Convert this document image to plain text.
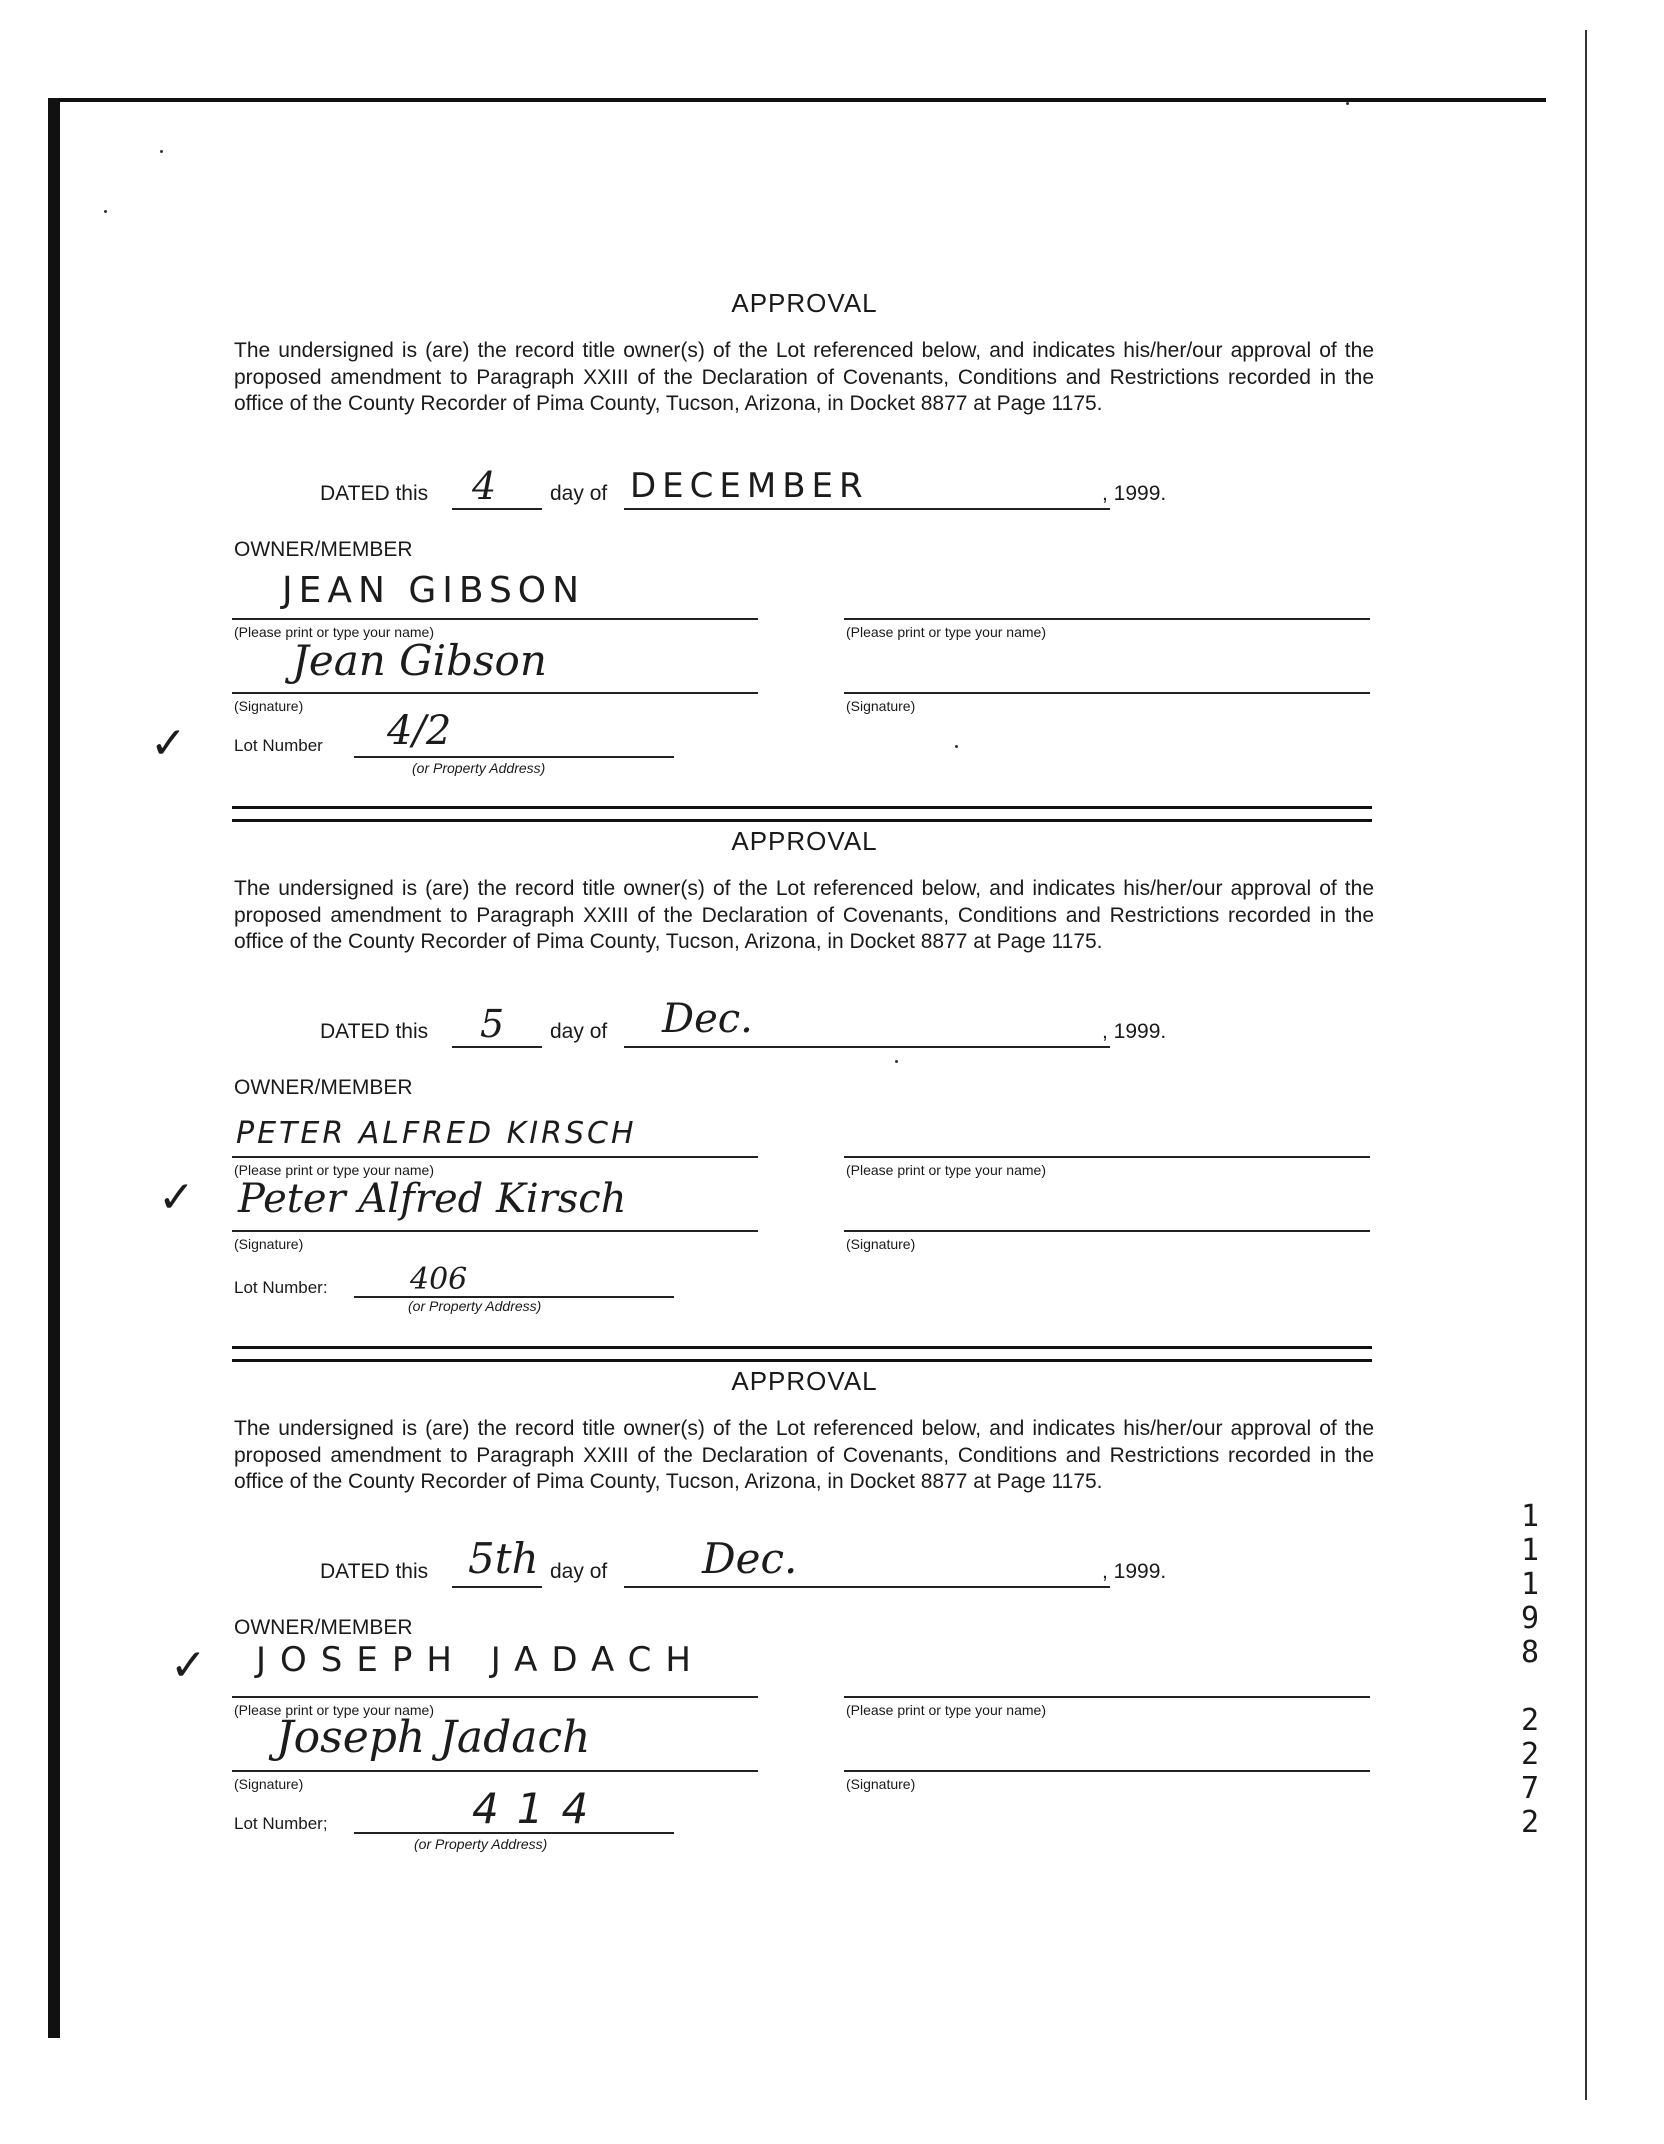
APPROVAL

The undersigned is (are) the record title owner(s) of the Lot referenced below, and indicates his/her/our approval of the proposed amendment to Paragraph XXIII of the Declaration of Covenants, Conditions and Restrictions recorded in the office of the County Recorder of Pima County, Tucson, Arizona, in Docket 8877 at Page 1175.

DATED this 4	day of DECEMBER	, 1999.
OWNER/MEMBER
JEAN GIBSON
(Please print or type your name)	(Please print or type your name)
Jean Gibson
(Signature)	(Signature)
Lot Number 4/2
(or Property Address)
✓
APPROVAL

The undersigned is (are) the record title owner(s) of the Lot referenced below, and indicates his/her/our approval of the proposed amendment to Paragraph XXIII of the Declaration of Covenants, Conditions and Restrictions recorded in the office of the County Recorder of Pima County, Tucson, Arizona, in Docket 8877 at Page 1175.

DATED this 5 day of Dec.	, 1999.
OWNER/MEMBER
PETER ALFRED KIRSCH
(Please print or type your name)	(Please print or type your name)
Peter Alfred Kirsch
(Signature)	(Signature)
Lot Number:	406
(or Property Address)
✓
APPROVAL

The undersigned is (are) the record title owner(s) of the Lot referenced below, and indicates his/her/our approval of the proposed amendment to Paragraph XXIII of the Declaration of Covenants, Conditions and Restrictions recorded in the office of the County Recorder of Pima County, Tucson, Arizona, in Docket 8877 at Page 1175.

DATED this 5th day of Dec.	, 1999.
OWNER/MEMBER
JOSEPH JADACH
(Please print or type your name)	(Please print or type your name)
Joseph Jadach
(Signature)	(Signature)
Lot Number;	414
(or Property Address)
✓
1
1
1
9
8
2
2
7
2
